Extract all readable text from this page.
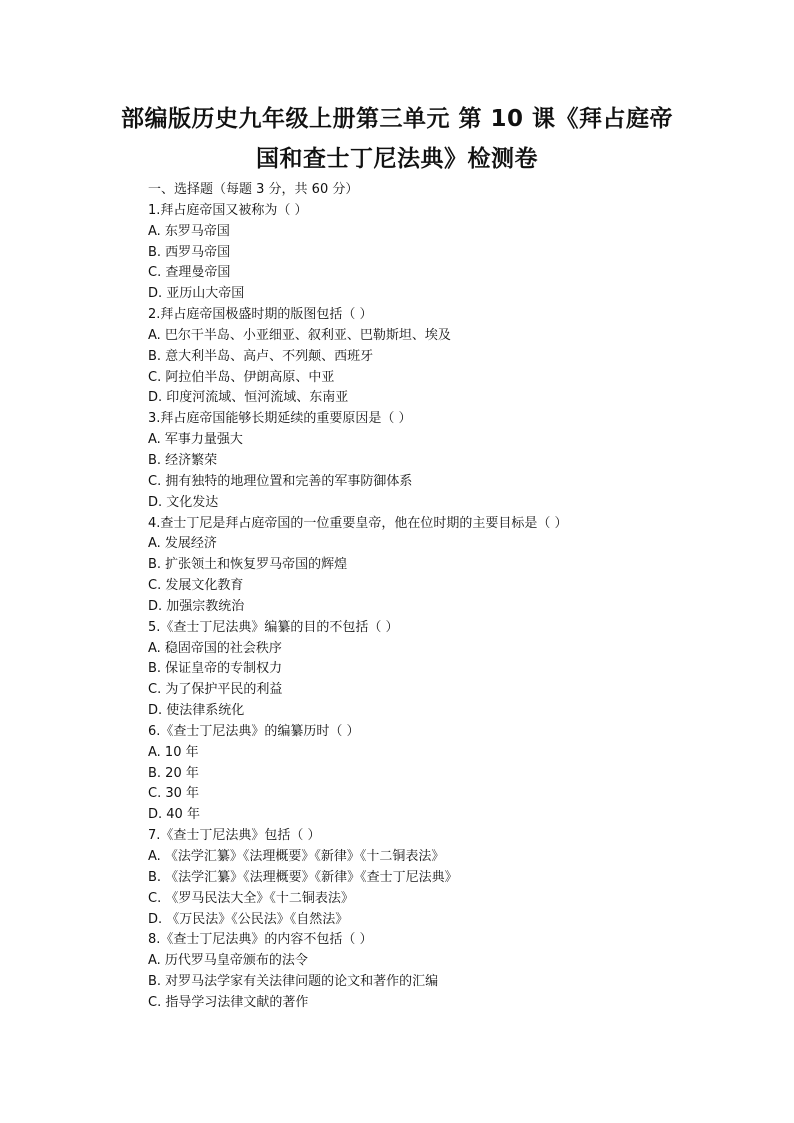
部编版历史九年级上册第三单元 第 10 课《拜占庭帝
国和查士丁尼法典》检测卷
一、选择题（每题 3 分，共 60 分）
1.拜占庭帝国又被称为（ ）
A. 东罗马帝国
B. 西罗马帝国
C. 查理曼帝国
D. 亚历山大帝国
2.拜占庭帝国极盛时期的版图包括（ ）
A. 巴尔干半岛、小亚细亚、叙利亚、巴勒斯坦、埃及
B. 意大利半岛、高卢、不列颠、西班牙
C. 阿拉伯半岛、伊朗高原、中亚
D. 印度河流域、恒河流域、东南亚
3.拜占庭帝国能够长期延续的重要原因是（ ）
A. 军事力量强大
B. 经济繁荣
C. 拥有独特的地理位置和完善的军事防御体系
D. 文化发达
4.查士丁尼是拜占庭帝国的一位重要皇帝，他在位时期的主要目标是（ ）
A. 发展经济
B. 扩张领土和恢复罗马帝国的辉煌
C. 发展文化教育
D. 加强宗教统治
5.《查士丁尼法典》编纂的目的不包括（ ）
A. 稳固帝国的社会秩序
B. 保证皇帝的专制权力
C. 为了保护平民的利益
D. 使法律系统化
6.《查士丁尼法典》的编纂历时（ ）
A. 10 年
B. 20 年
C. 30 年
D. 40 年
7.《查士丁尼法典》包括（ ）
A. 《法学汇纂》《法理概要》《新律》《十二铜表法》
B. 《法学汇纂》《法理概要》《新律》《查士丁尼法典》
C. 《罗马民法大全》《十二铜表法》
D. 《万民法》《公民法》《自然法》
8.《查士丁尼法典》的内容不包括（ ）
A. 历代罗马皇帝颁布的法令
B. 对罗马法学家有关法律问题的论文和著作的汇编
C. 指导学习法律文献的著作
